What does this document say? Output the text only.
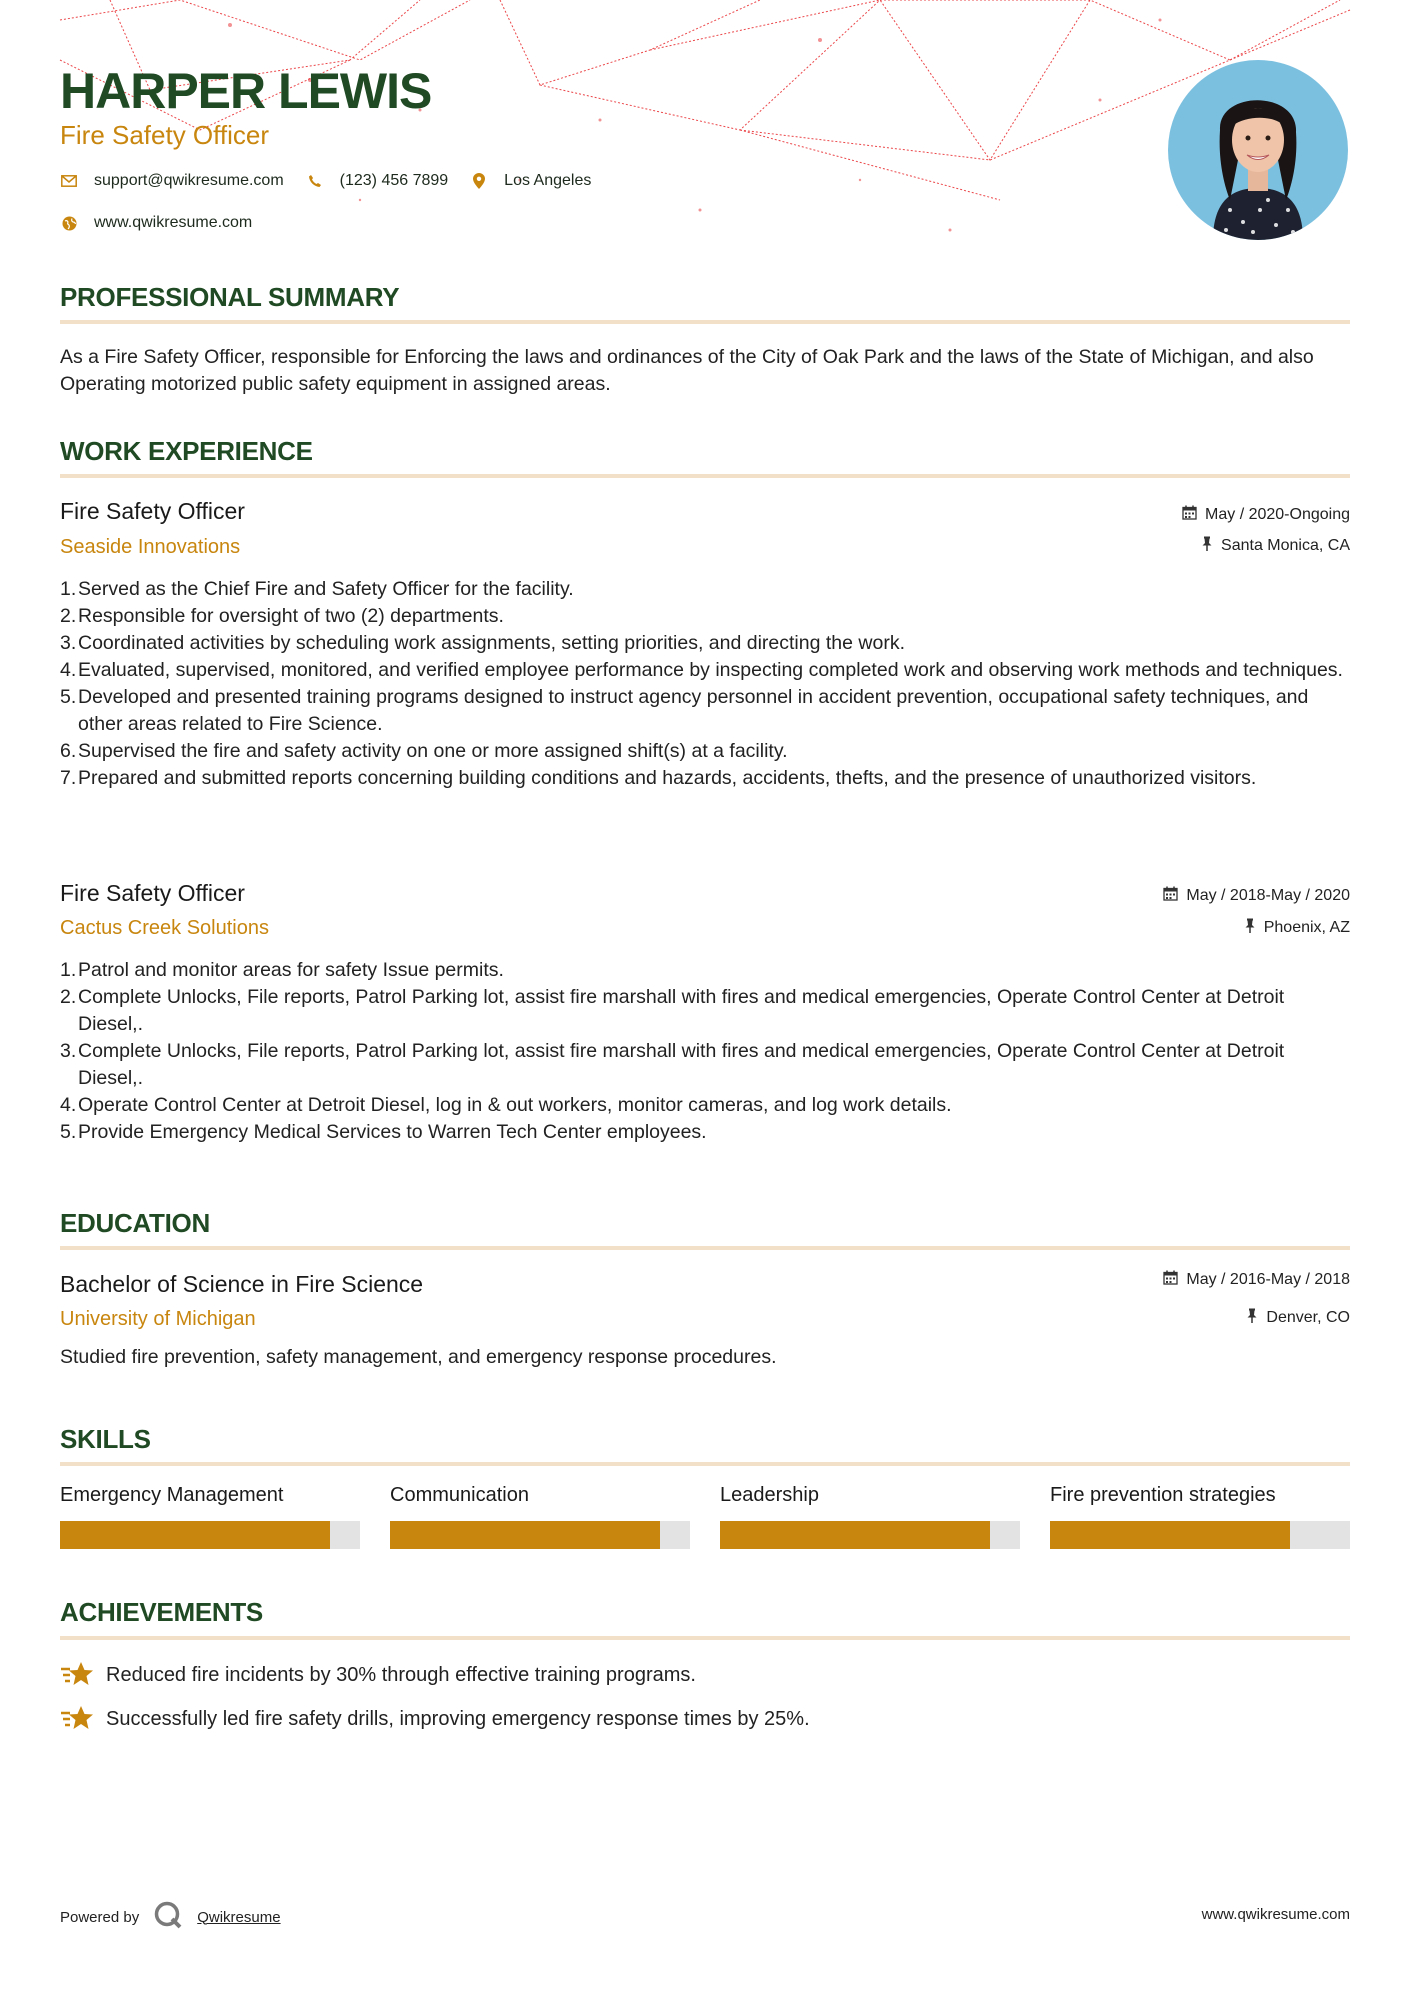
HARPER LEWIS
Fire Safety Officer
support@qwikresume.com	(123) 456 7899	Los Angeles
www.qwikresume.com
PROFESSIONAL SUMMARY
As a Fire Safety Officer, responsible for Enforcing the laws and ordinances of the City of Oak Park and the laws of the State of Michigan, and also Operating motorized public safety equipment in assigned areas.
WORK EXPERIENCE
Fire Safety Officer
Seaside Innovations
May / 2020-Ongoing
Santa Monica, CA
1. Served as the Chief Fire and Safety Officer for the facility.
2. Responsible for oversight of two (2) departments.
3. Coordinated activities by scheduling work assignments, setting priorities, and directing the work.
4. Evaluated, supervised, monitored, and verified employee performance by inspecting completed work and observing work methods and techniques.
5. Developed and presented training programs designed to instruct agency personnel in accident prevention, occupational safety techniques, and other areas related to Fire Science.
6. Supervised the fire and safety activity on one or more assigned shift(s) at a facility.
7. Prepared and submitted reports concerning building conditions and hazards, accidents, thefts, and the presence of unauthorized visitors.
Fire Safety Officer
Cactus Creek Solutions
May / 2018-May / 2020
Phoenix, AZ
1. Patrol and monitor areas for safety Issue permits.
2. Complete Unlocks, File reports, Patrol Parking lot, assist fire marshall with fires and medical emergencies, Operate Control Center at Detroit Diesel,.
3. Complete Unlocks, File reports, Patrol Parking lot, assist fire marshall with fires and medical emergencies, Operate Control Center at Detroit Diesel,.
4. Operate Control Center at Detroit Diesel, log in & out workers, monitor cameras, and log work details.
5. Provide Emergency Medical Services to Warren Tech Center employees.
EDUCATION
Bachelor of Science in Fire Science
University of Michigan
May / 2016-May / 2018
Denver, CO
Studied fire prevention, safety management, and emergency response procedures.
SKILLS
Emergency Management	Communication	Leadership	Fire prevention strategies
ACHIEVEMENTS
Reduced fire incidents by 30% through effective training programs.
Successfully led fire safety drills, improving emergency response times by 25%.
Powered by	Qwikresume	www.qwikresume.com
